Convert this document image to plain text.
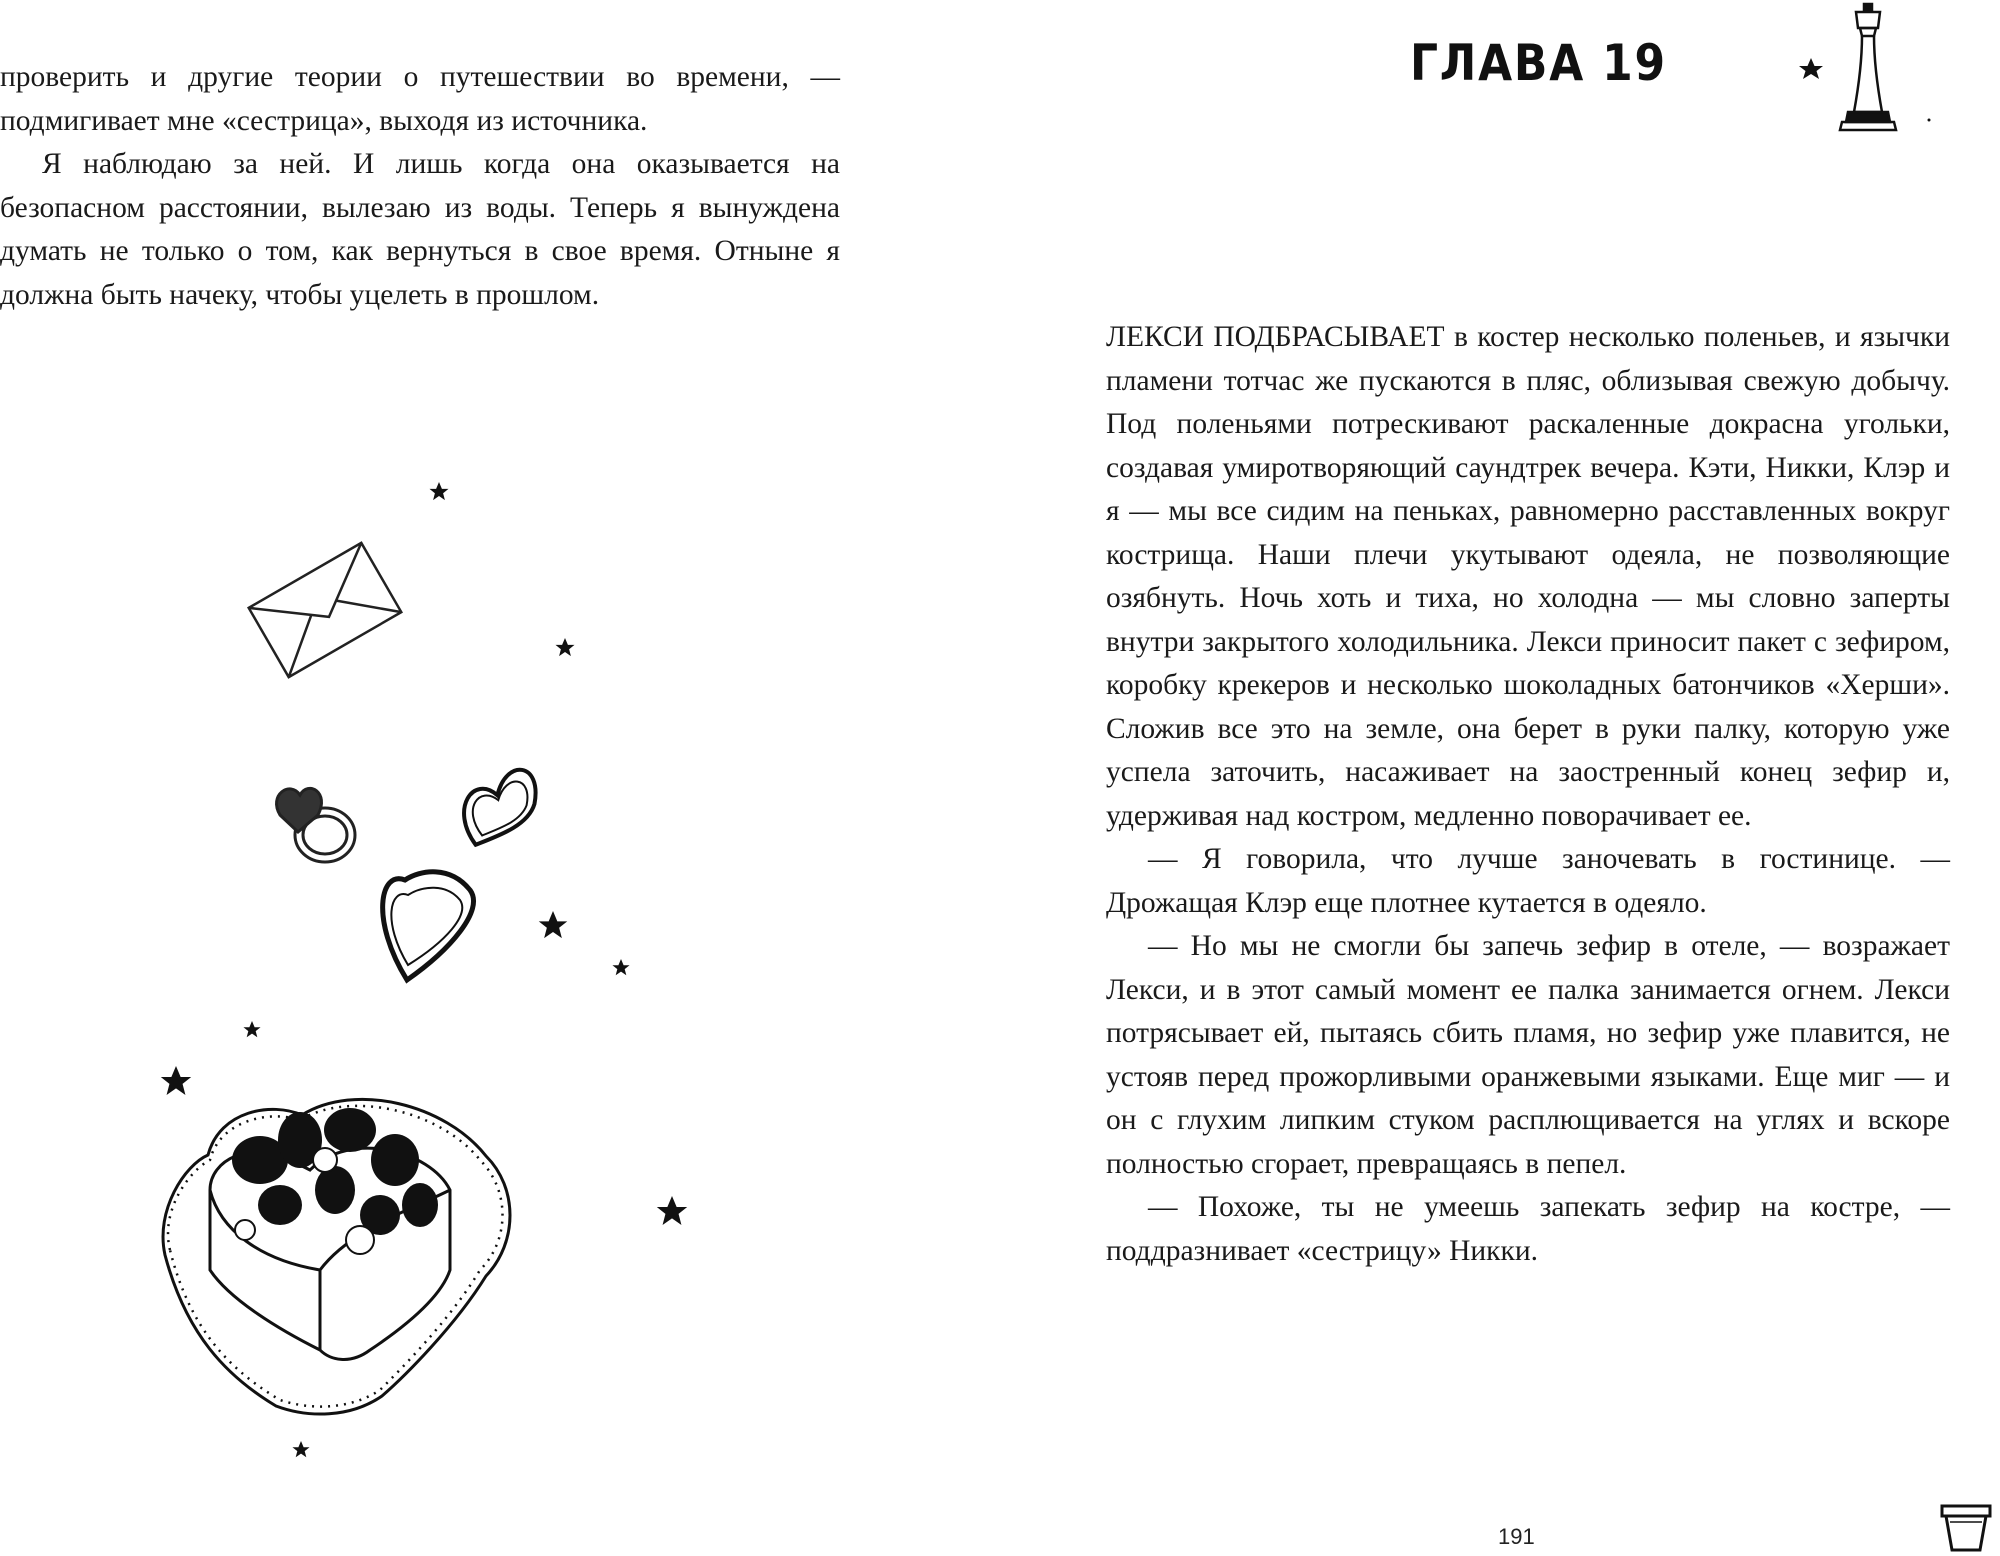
проверить и другие теории о путешествии во времени, — подмигивает мне «сестрица», выходя из источника.

Я наблюдаю за ней. И лишь когда она оказывается на безопасном расстоянии, вылезаю из воды. Теперь я вынуждена думать не только о том, как вернуться в свое время. Отныне я должна быть начеку, чтобы уцелеть в прошлом.

ГЛАВА 19

ЛЕКСИ ПОДБРАСЫВАЕТ в костер несколько поленьев, и язычки пламени тотчас же пускаются в пляс, облизывая свежую добычу. Под поленьями потрескивают раскаленные докрасна угольки, создавая умиротворяющий саундтрек вечера. Кэти, Никки, Клэр и я — мы все сидим на пеньках, равномерно расставленных вокруг кострища. Наши плечи укутывают одеяла, не позволяющие озябнуть. Ночь хоть и тиха, но холодна — мы словно заперты внутри закрытого холодильника. Лекси приносит пакет с зефиром, коробку крекеров и несколько шоколадных батончиков «Херши». Сложив все это на земле, она берет в руки палку, которую уже успела заточить, насаживает на заостренный конец зефир и, удерживая над костром, медленно поворачивает ее.

— Я говорила, что лучше заночевать в гостинице. — Дрожащая Клэр еще плотнее кутается в одеяло.

— Но мы не смогли бы запечь зефир в отеле, — возражает Лекси, и в этот самый момент ее палка занимается огнем. Лекси потрясывает ей, пытаясь сбить пламя, но зефир уже плавится, не устояв перед прожорливыми оранжевыми языками. Еще миг — и он с глухим липким стуком расплющивается на углях и вскоре полностью сгорает, превращаясь в пепел.

— Похоже, ты не умеешь запекать зефир на костре, — поддразнивает «сестрицу» Никки.

191
